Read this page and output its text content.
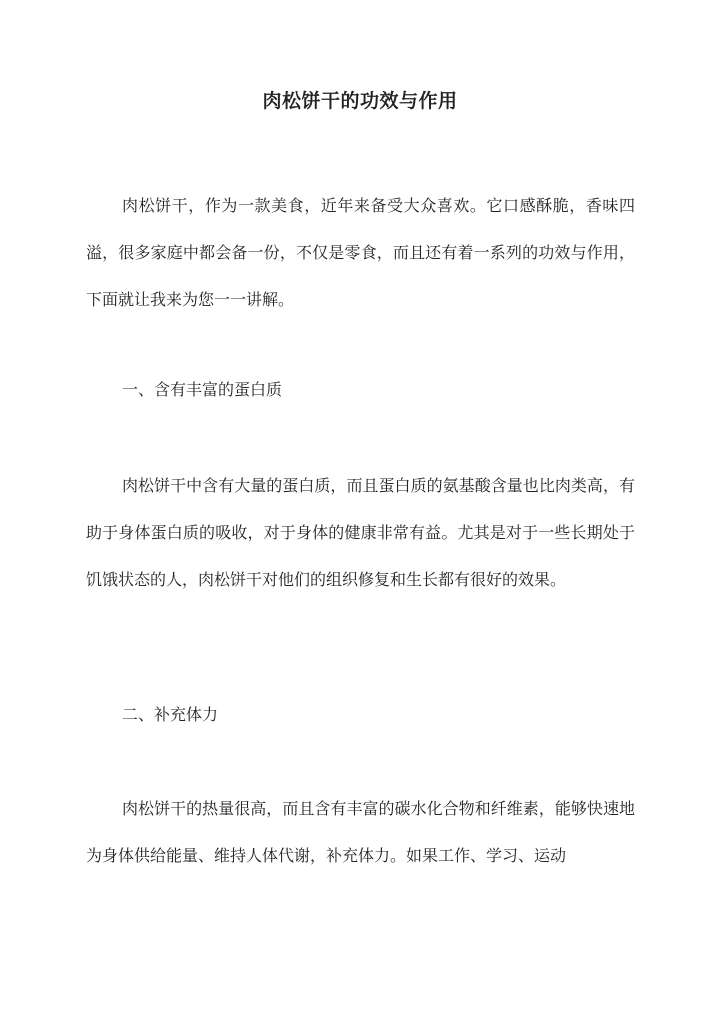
肉松饼干的功效与作用

肉松饼干，作为一款美食，近年来备受大众喜欢。它口感酥脆，香味四溢，很多家庭中都会备一份，不仅是零食，而且还有着一系列的功效与作用，下面就让我来为您一一讲解。

一、含有丰富的蛋白质

肉松饼干中含有大量的蛋白质，而且蛋白质的氨基酸含量也比肉类高，有助于身体蛋白质的吸收，对于身体的健康非常有益。尤其是对于一些长期处于饥饿状态的人，肉松饼干对他们的组织修复和生长都有很好的效果。

二、补充体力

肉松饼干的热量很高，而且含有丰富的碳水化合物和纤维素，能够快速地为身体供给能量、维持人体代谢，补充体力。如果工作、学习、运动
